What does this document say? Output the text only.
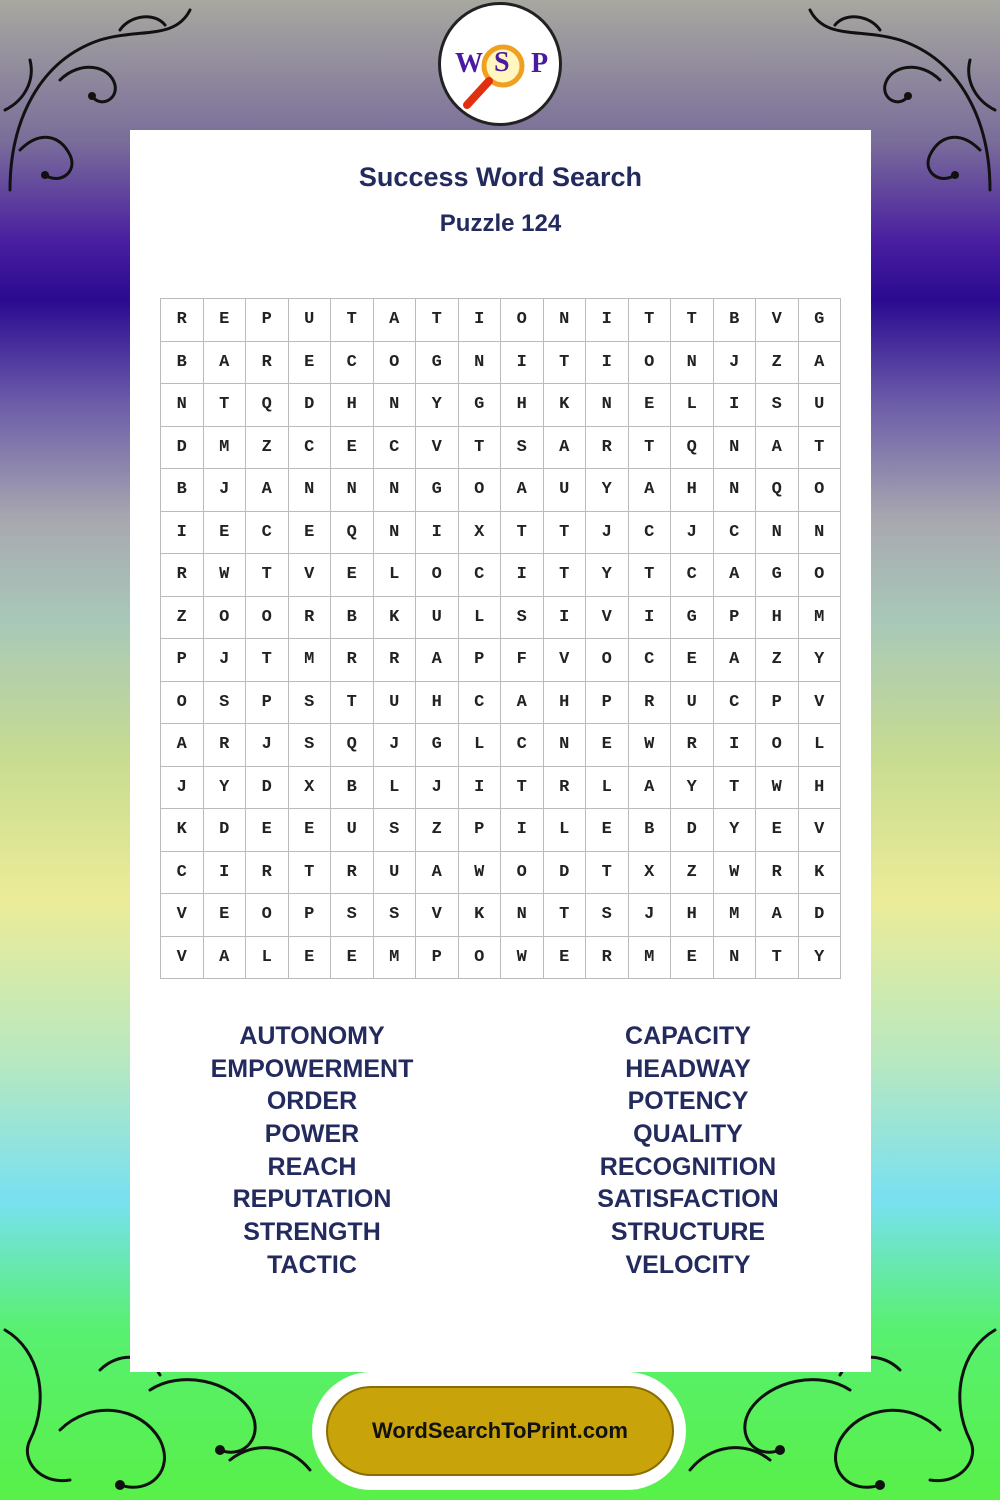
W S P
Success Word Search
Puzzle 124
R	E	P	U	T	A	T	I	O	N	I	T	T	B	V	G
B	A	R	E	C	O	G	N	I	T	I	O	N	J	Z	A
N	T	Q	D	H	N	Y	G	H	K	N	E	L	I	S	U
D	M	Z	C	E	C	V	T	S	A	R	T	Q	N	A	T
B	J	A	N	N	N	G	O	A	U	Y	A	H	N	Q	O
I	E	C	E	Q	N	I	X	T	T	J	C	J	C	N	N
R	W	T	V	E	L	O	C	I	T	Y	T	C	A	G	O
Z	O	O	R	B	K	U	L	S	I	V	I	G	P	H	M
P	J	T	M	R	R	A	P	F	V	O	C	E	A	Z	Y
O	S	P	S	T	U	H	C	A	H	P	R	U	C	P	V
A	R	J	S	Q	J	G	L	C	N	E	W	R	I	O	L
J	Y	D	X	B	L	J	I	T	R	L	A	Y	T	W	H
K	D	E	E	U	S	Z	P	I	L	E	B	D	Y	E	V
C	I	R	T	R	U	A	W	O	D	T	X	Z	W	R	K
V	E	O	P	S	S	V	K	N	T	S	J	H	M	A	D
V	A	L	E	E	M	P	O	W	E	R	M	E	N	T	Y
AUTONOMY
EMPOWERMENT
ORDER
POWER
REACH
REPUTATION
STRENGTH
TACTIC
CAPACITY
HEADWAY
POTENCY
QUALITY
RECOGNITION
SATISFACTION
STRUCTURE
VELOCITY
WordSearchToPrint.com
